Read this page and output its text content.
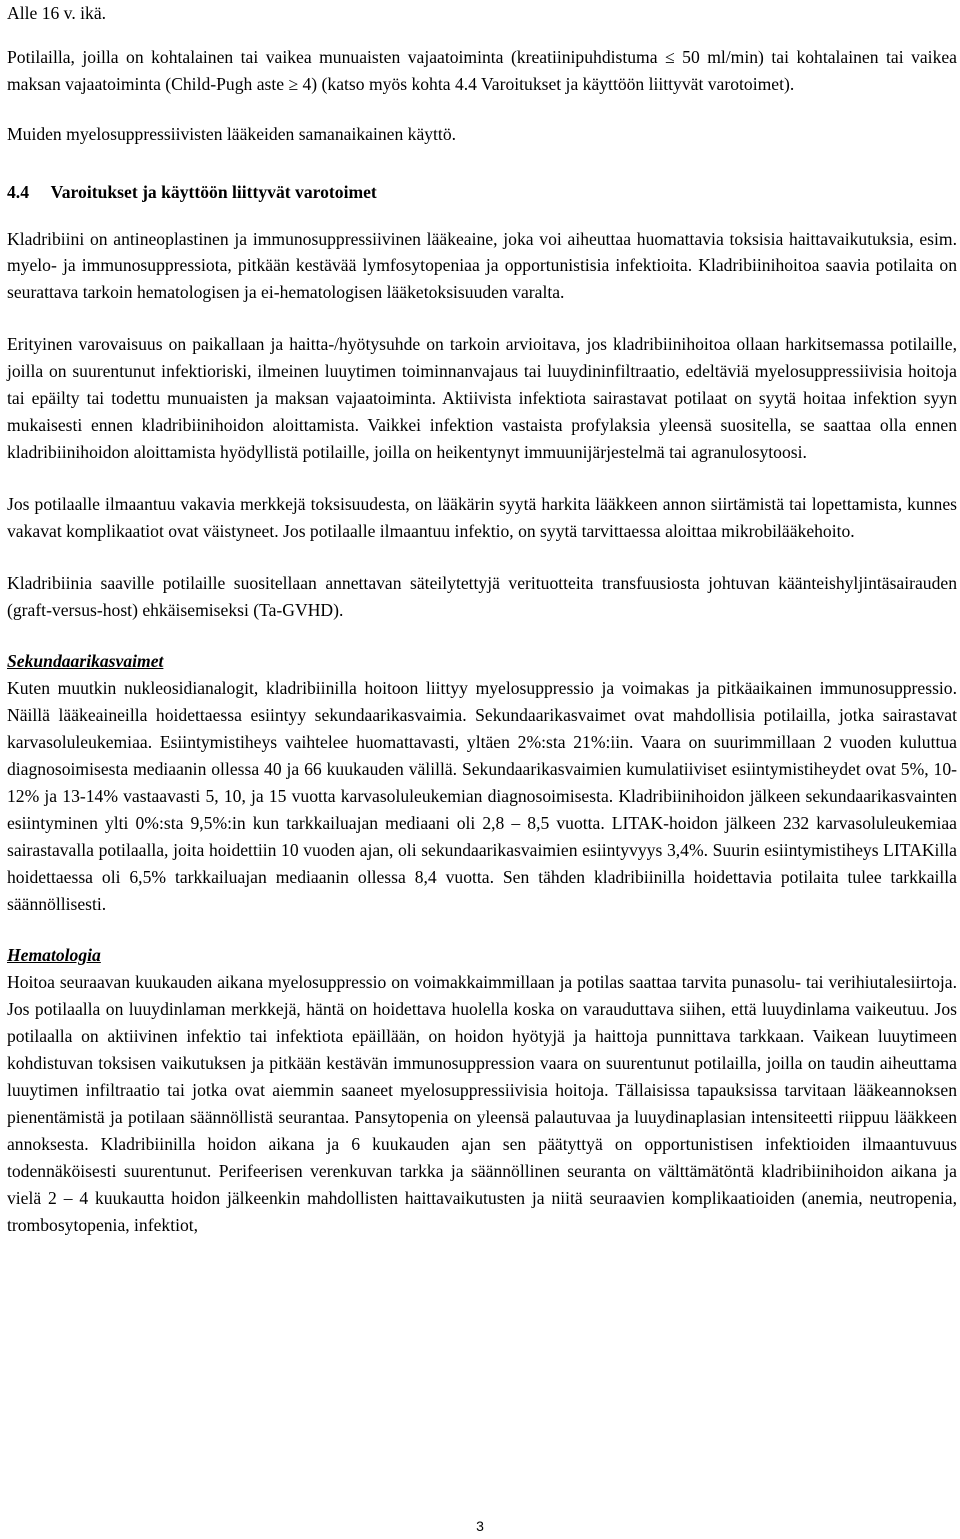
Alle 16 v. ikä.

Potilailla, joilla on kohtalainen tai vaikea munuaisten vajaatoiminta (kreatiinipuhdistuma ≤ 50 ml/min) tai kohtalainen tai vaikea maksan vajaatoiminta (Child-Pugh aste ≥ 4) (katso myös kohta 4.4 Varoitukset ja käyttöön liittyvät varotoimet).

Muiden myelosuppressiivisten lääkeiden samanaikainen käyttö.

4.4     Varoitukset ja käyttöön liittyvät varotoimet

Kladribiini on antineoplastinen ja immunosuppressiivinen lääkeaine, joka voi aiheuttaa huomattavia toksisia haittavaikutuksia, esim. myelo- ja immunosuppressiota, pitkään kestävää lymfosytopeniaa ja opportunistisia infektioita. Kladribiinihoitoa saavia potilaita on seurattava tarkoin hematologisen ja ei-hematologisen lääketoksisuuden varalta.

Erityinen varovaisuus on paikallaan ja haitta-/hyötysuhde on tarkoin arvioitava, jos kladribiinihoitoa ollaan harkitsemassa potilaille, joilla on suurentunut infektioriski, ilmeinen luuytimen toiminnanvajaus tai luuydininfiltraatio, edeltäviä myelosuppressiivisia hoitoja tai epäilty tai todettu munuaisten ja maksan vajaatoiminta. Aktiivista infektiota sairastavat potilaat on syytä hoitaa infektion syyn mukaisesti ennen kladribiinihoidon aloittamista. Vaikkei infektion vastaista profylaksia yleensä suositella, se saattaa olla ennen kladribiinihoidon aloittamista hyödyllistä potilaille, joilla on heikentynyt immuunijärjestelmä tai agranulosytoosi.

Jos potilaalle ilmaantuu vakavia merkkejä toksisuudesta, on lääkärin syytä harkita lääkkeen annon siirtämistä tai lopettamista, kunnes vakavat komplikaatiot ovat väistyneet. Jos potilaalle ilmaantuu infektio, on syytä tarvittaessa aloittaa mikrobilääkehoito.

Kladribiinia saaville potilaille suositellaan annettavan säteilytettyjä verituotteita transfuusiosta johtuvan käänteishyljintäsairauden (graft-versus-host) ehkäisemiseksi (Ta-GVHD).

Sekundaarikasvaimet

Kuten muutkin nukleosidianalogit, kladribiinilla hoitoon liittyy myelosuppressio ja voimakas ja pitkäaikainen immunosuppressio. Näillä lääkeaineilla hoidettaessa esiintyy sekundaarikasvaimia. Sekundaarikasvaimet ovat mahdollisia potilailla, jotka sairastavat karvasoluleukemiaa. Esiintymistiheys vaihtelee huomattavasti, yltäen 2%:sta 21%:iin. Vaara on suurimmillaan 2 vuoden kuluttua diagnosoimisesta mediaanin ollessa 40 ja 66 kuukauden välillä. Sekundaarikasvaimien kumulatiiviset esiintymistiheydet ovat 5%, 10-12% ja 13-14% vastaavasti 5, 10, ja 15 vuotta karvasoluleukemian diagnosoimisesta. Kladribiinihoidon jälkeen sekundaarikasvainten esiintyminen ylti 0%:sta 9,5%:in kun tarkkailuajan mediaani oli 2,8 – 8,5 vuotta. LITAK-hoidon jälkeen 232 karvasoluleukemiaa sairastavalla potilaalla, joita hoidettiin 10 vuoden ajan, oli sekundaarikasvaimien esiintyvyys 3,4%. Suurin esiintymistiheys LITAKilla hoidettaessa oli 6,5% tarkkailuajan mediaanin ollessa 8,4 vuotta. Sen tähden kladribiinilla hoidettavia potilaita tulee tarkkailla säännöllisesti.

Hematologia

Hoitoa seuraavan kuukauden aikana myelosuppressio on voimakkaimmillaan ja potilas saattaa tarvita punasolu- tai verihiutalesiirtoja. Jos potilaalla on luuydinlaman merkkejä, häntä on hoidettava huolella koska on varauduttava siihen, että luuydinlama vaikeutuu. Jos potilaalla on aktiivinen infektio tai infektiota epäillään, on hoidon hyötyjä ja haittoja punnittava tarkkaan. Vaikean luuytimeen kohdistuvan toksisen vaikutuksen ja pitkään kestävän immunosuppression vaara on suurentunut potilailla, joilla on taudin aiheuttama luuytimen infiltraatio tai jotka ovat aiemmin saaneet myelosuppressiivisia hoitoja. Tällaisissa tapauksissa tarvitaan lääkeannoksen pienentämistä ja potilaan säännöllistä seurantaa. Pansytopenia on yleensä palautuvaa ja luuydinaplasian intensiteetti riippuu lääkkeen annoksesta. Kladribiinilla hoidon aikana ja 6 kuukauden ajan sen päätyttyä on opportunistisen infektioiden ilmaantuvuus todennäköisesti suurentunut. Perifeerisen verenkuvan tarkka ja säännöllinen seuranta on välttämätöntä kladribiinihoidon aikana ja vielä 2 – 4 kuukautta hoidon jälkeenkin mahdollisten haittavaikutusten ja niitä seuraavien komplikaatioiden (anemia, neutropenia, trombosytopenia, infektiot,

3
